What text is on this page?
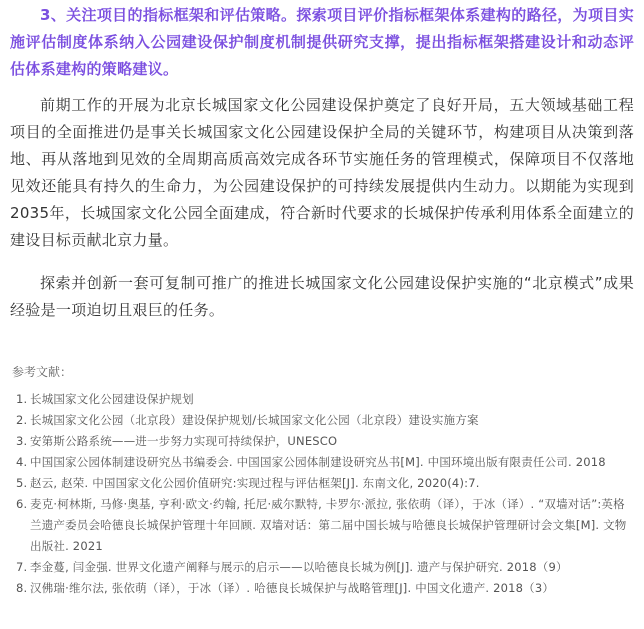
3、关注项目的指标框架和评估策略。探索项目评价指标框架体系建构的路径，为项目实施评估制度体系纳入公园建设保护制度机制提供研究支撑，提出指标框架搭建设计和动态评估体系建构的策略建议。

前期工作的开展为北京长城国家文化公园建设保护奠定了良好开局，五大领域基础工程项目的全面推进仍是事关长城国家文化公园建设保护全局的关键环节，构建项目从决策到落地、再从落地到见效的全周期高质高效完成各环节实施任务的管理模式，保障项目不仅落地见效还能具有持久的生命力，为公园建设保护的可持续发展提供内生动力。以期能为实现到2035年，长城国家文化公园全面建成，符合新时代要求的长城保护传承利用体系全面建立的建设目标贡献北京力量。

探索并创新一套可复制可推广的推进长城国家文化公园建设保护实施的“北京模式”成果经验是一项迫切且艰巨的任务。

参考文献：
1. 长城国家文化公园建设保护规划
2. 长城国家文化公园（北京段）建设保护规划/长城国家文化公园（北京段）建设实施方案
3. 安第斯公路系统——进一步努力实现可持续保护，UNESCO
4. 中国国家公园体制建设研究丛书编委会. 中国国家公园体制建设研究丛书[M]. 中国环境出版有限责任公司. 2018
5. 赵云, 赵荣. 中国国家文化公园价值研究:实现过程与评估框架[J]. 东南文化, 2020(4):7.
6. 麦克·柯林斯, 马修·奥基, 亨利·欧文·约翰, 托尼·威尔默特, 卡罗尔·派拉, 张依萌（译），于冰（译）. “双墙对话”:英格兰遗产委员会哈德良长城保护管理十年回顾. 双墙对话：第二届中国长城与哈德良长城保护管理研讨会文集[M]. 文物出版社. 2021
7. 李金蔓, 闫金强. 世界文化遗产阐释与展示的启示——以哈德良长城为例[J]. 遗产与保护研究. 2018（9）
8. 汉佛瑞·维尔法, 张依萌（译），于冰（译）. 哈德良长城保护与战略管理[J]. 中国文化遗产. 2018（3）
